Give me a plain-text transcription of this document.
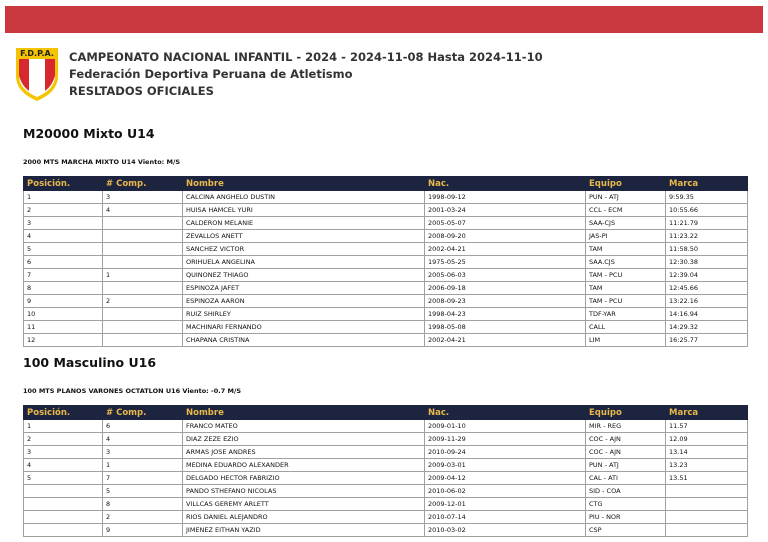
F.D.P.A. CAMPEONATO NACIONAL INFANTIL - 2024 - 2024-11-08 Hasta 2024-11-10
Federación Deportiva Peruana de Atletismo
RESLTADOS OFICIALES
M20000 Mixto U14
2000 MTS MARCHA MIXTO U14 Viento: M/S
Posición.	# Comp.	Nombre	Nac.	Equipo	Marca
1	3	CALCINA ANGHELO DUSTIN	1998-09-12	PUN - ATJ	9:59.35
2	4	HUISA HAMCEL YURI	2001-03-24	CCL - ECM	10:55.66
3		CALDERON MELANIE	2005-05-07	SAA-CJS	11:21.79
4		ZEVALLOS ANETT	2008-09-20	JAS-PI	11:23.22
5		SANCHEZ VICTOR	2002-04-21	TAM	11:58.50
6		ORIHUELA ANGELINA	1975-05-25	SAA.CJS	12:30.38
7	1	QUINONEZ THIAGO	2005-06-03	TAM - PCU	12:39.04
8		ESPINOZA JAFET	2006-09-18	TAM	12:45.66
9	2	ESPINOZA AARON	2008-09-23	TAM - PCU	13:22.16
10		RUIZ SHIRLEY	1998-04-23	TDF-YAR	14:16.94
11		MACHINARI FERNANDO	1998-05-08	CALL	14:29.32
12		CHAPANA CRISTINA	2002-04-21	LIM	16:25.77
100 Masculino U16
100 MTS PLANOS VARONES OCTATLON U16 Viento: -0.7 M/S
Posición.	# Comp.	Nombre	Nac.	Equipo	Marca
1	6	FRANCO MATEO	2009-01-10	MIR - REG	11.57
2	4	DIAZ ZEZE EZIO	2009-11-29	COC - AJN	12.09
3	3	ARMAS JOSE ANDRES	2010-09-24	COC - AJN	13.14
4	1	MEDINA EDUARDO ALEXANDER	2009-03-01	PUN - ATJ	13.23
5	7	DELGADO HECTOR FABRIZIO	2009-04-12	CAL - ATI	13.51
	5	PANDO STHEFANO NICOLAS	2010-06-02	SID - COA	
	8	VILLCAS GEREMY ARLETT	2009-12-01	CTG	
	2	RIOS DANIEL ALEJANDRO	2010-07-14	PIU - NOR	
	9	JIMENEZ EITHAN YAZID	2010-03-02	CSP	
